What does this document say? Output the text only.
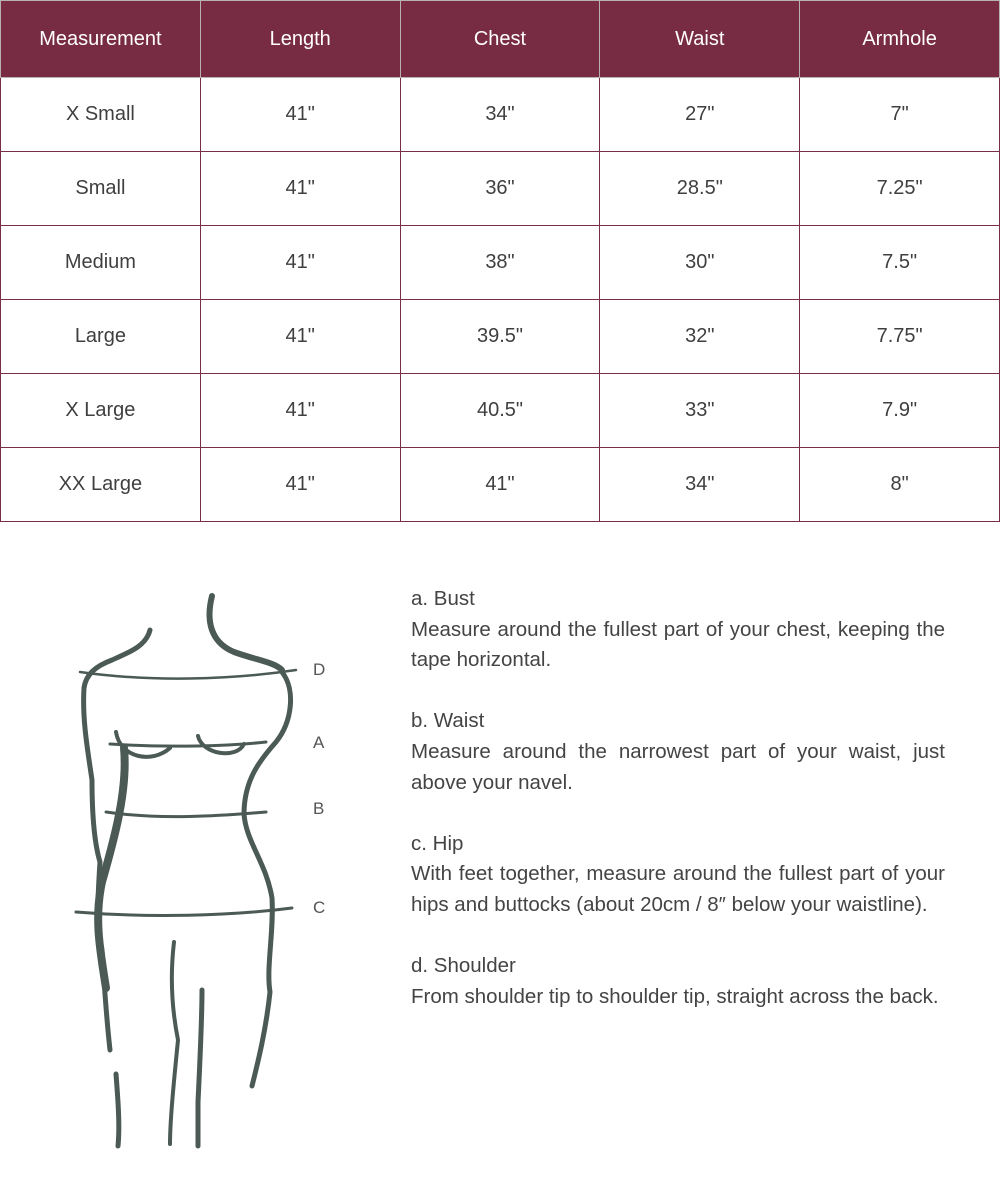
Measurement	Length	Chest	Waist	Armhole
X Small	41"	34"	27"	7"
Small	41"	36"	28.5"	7.25"
Medium	41"	38"	30"	7.5"
Large	41"	39.5"	32"	7.75"
X Large	41"	40.5"	33"	7.9"
XX Large	41"	41"	34"	8"
D
A
B
C
a. Bust
Measure around the fullest part of your chest, keeping the tape horizontal.
b. Waist
Measure around the narrowest part of your waist, just above your navel.
c. Hip
With feet together, measure around the fullest part of your hips and buttocks (about 20cm / 8″ below your waistline).
d. Shoulder
From shoulder tip to shoulder tip, straight across the back.
